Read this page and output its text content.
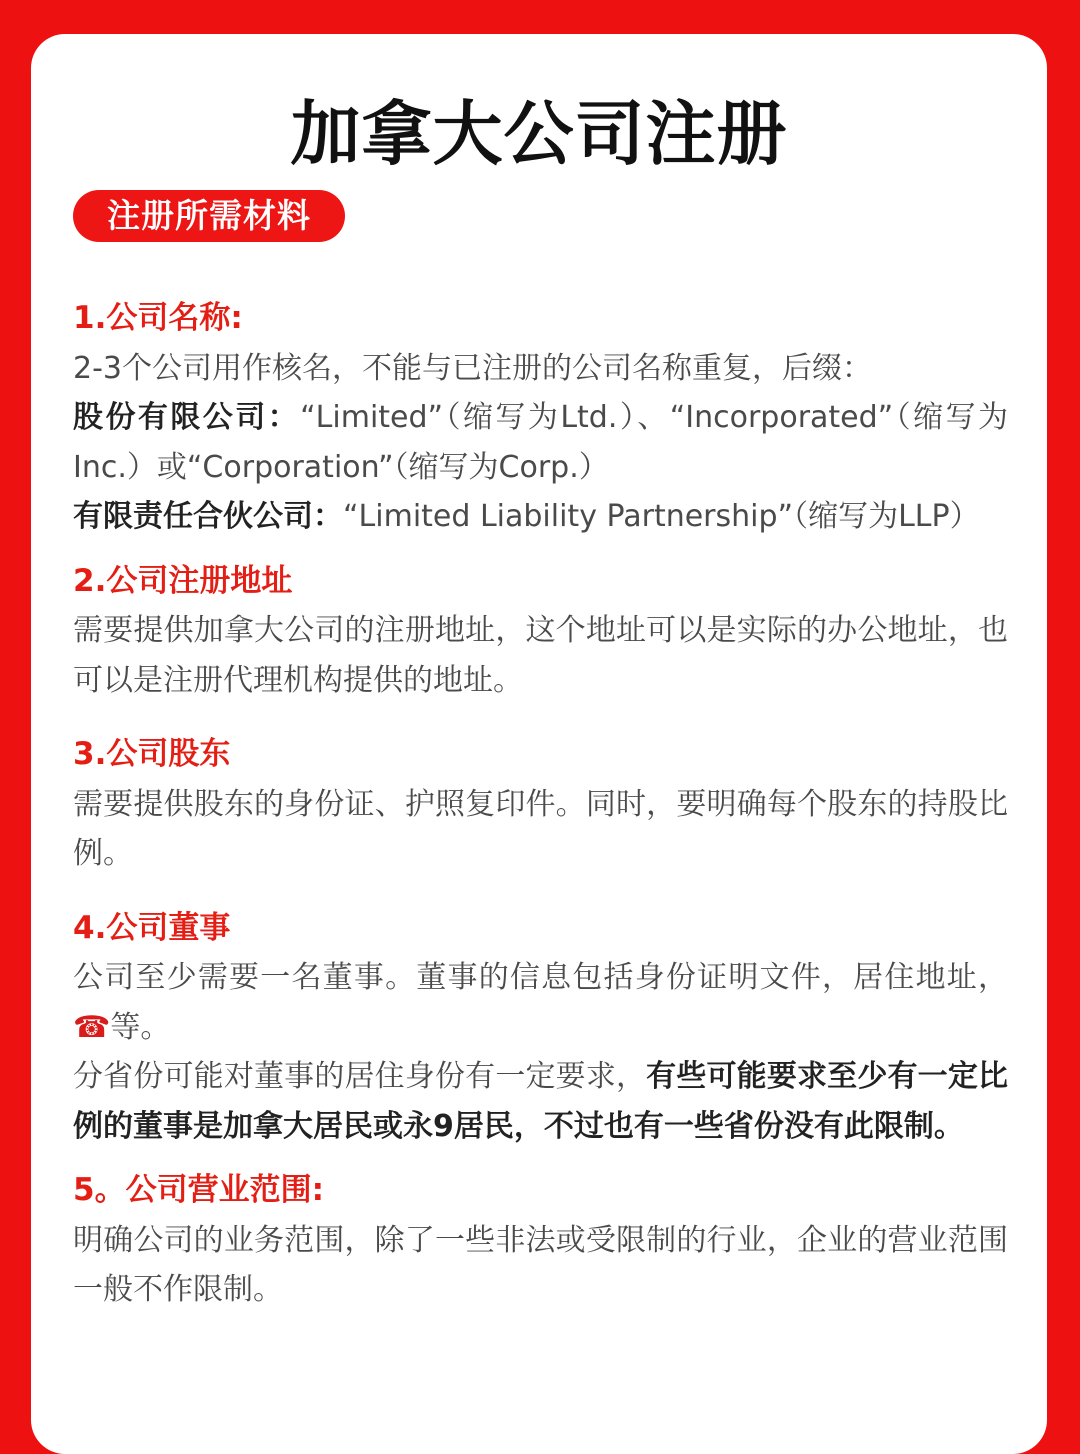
加拿大公司注册
注册所需材料

1.公司名称:

2-3个公司用作核名，不能与已注册的公司名称重复，后缀：
股份有限公司：“Limited”（缩写为Ltd.）、“Incorporated”（缩写为Inc.）或“Corporation”（缩写为Corp.）
有限责任合伙公司：“Limited Liability Partnership”（缩写为LLP）

2.公司注册地址

需要提供加拿大公司的注册地址，这个地址可以是实际的办公地址，也可以是注册代理机构提供的地址。

3.公司股东

需要提供股东的身份证、护照复印件。同时，要明确每个股东的持股比例。

4.公司董事

公司至少需要一名董事。董事的信息包括身份证明文件，居住地址，☎等。
分省份可能对董事的居住身份有一定要求，有些可能要求至少有一定比例的董事是加拿大居民或永9居民，不过也有一些省份没有此限制。

5。公司营业范围:

明确公司的业务范围，除了一些非法或受限制的行业，企业的营业范围一般不作限制。
